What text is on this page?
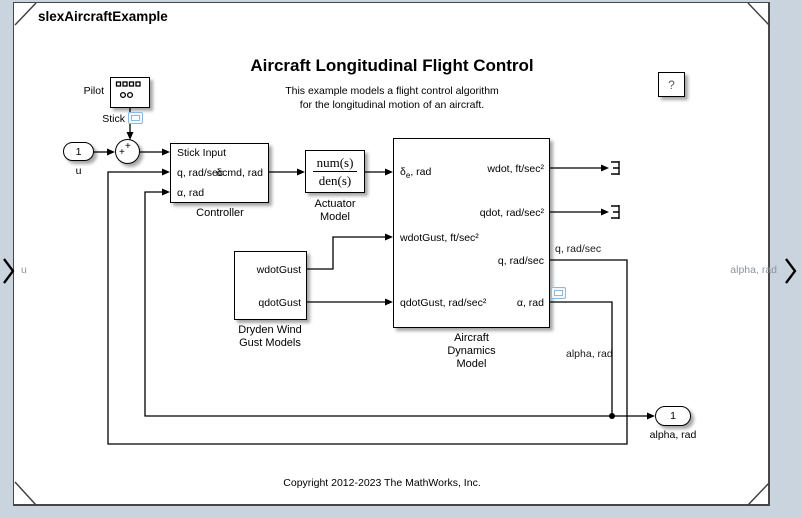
slexAircraftExample
Aircraft Longitudinal Flight Control
This example models a flight control algorithm
for the longitudinal motion of an aircraft.
Copyright 2012-2023 The MathWorks, Inc.
Pilot
Stick
1
u
+
+	Stick Input
q, rad/sec
α, rad
δcmd, rad
Controller
num(s)
den(s)
Actuator
Model
wdotGust
qdotGust
Dryden Wind
Gust Models
$\delta_e$, rad
wdotGust, ft/sec²
qdotGust, rad/sec²
wdot, ft/sec²
qdot, rad/sec²
q, rad/sec
α, rad
Aircraft
Dynamics
Model
1
alpha, rad
?
q, rad/sec
alpha, rad
u	alpha, rad
